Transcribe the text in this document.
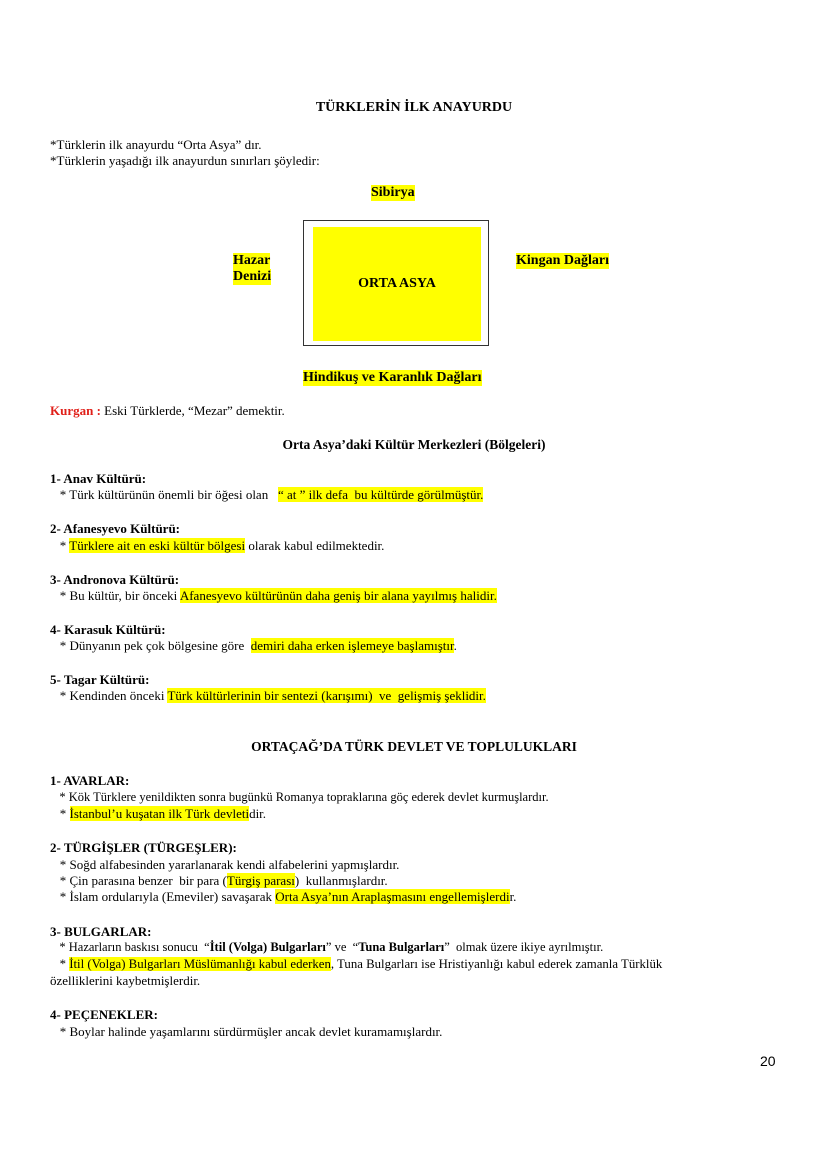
TÜRKLERİN İLK ANAYURDU
*Türklerin ilk anayurdu “Orta Asya” dır.
*Türklerin yaşadığı ilk anayurdun sınırları şöyledir:
Sibirya
Hazar
Denizi
Kingan Dağları
ORTA ASYA
Hindikuş ve Karanlık Dağları
Kurgan : Eski Türklerde, “Mezar” demektir.
Orta Asya’daki Kültür Merkezleri (Bölgeleri)
1- Anav Kültürü:
* Türk kültürünün önemli bir öğesi olan   “ at ” ilk defa  bu kültürde görülmüştür.
2- Afanesyevo Kültürü:
* Türklere ait en eski kültür bölgesi olarak kabul edilmektedir.
3- Andronova Kültürü:
* Bu kültür, bir önceki Afanesyevo kültürünün daha geniş bir alana yayılmış halidir.
4- Karasuk Kültürü:
* Dünyanın pek çok bölgesine göre  demiri daha erken işlemeye başlamıştır.
5- Tagar Kültürü:
* Kendinden önceki Türk kültürlerinin bir sentezi (karışımı)  ve  gelişmiş şeklidir.
ORTAÇAĞ’DA TÜRK DEVLET VE TOPLULUKLARI
1- AVARLAR:
* Kök Türklere yenildikten sonra bugünkü Romanya topraklarına göç ederek devlet kurmuşlardır.
* İstanbul’u kuşatan ilk Türk devletidir.
2- TÜRGİŞLER (TÜRGEŞLER):
* Soğd alfabesinden yararlanarak kendi alfabelerini yapmışlardır.
* Çin parasına benzer  bir para (Türgiş parası)  kullanmışlardır.
* İslam ordularıyla (Emeviler) savaşarak Orta Asya’nın Araplaşmasını engellemişlerdir.
3- BULGARLAR:
* Hazarların baskısı sonucu  “İtil (Volga) Bulgarları” ve  “Tuna Bulgarları”  olmak üzere ikiye ayrılmıştır.
* İtil (Volga) Bulgarları Müslümanlığı kabul ederken, Tuna Bulgarları ise Hristiyanlığı kabul ederek zamanla Türklük
özelliklerini kaybetmişlerdir.
4- PEÇENEKLER:
* Boylar halinde yaşamlarını sürdürmüşler ancak devlet kuramamışlardır.
20
